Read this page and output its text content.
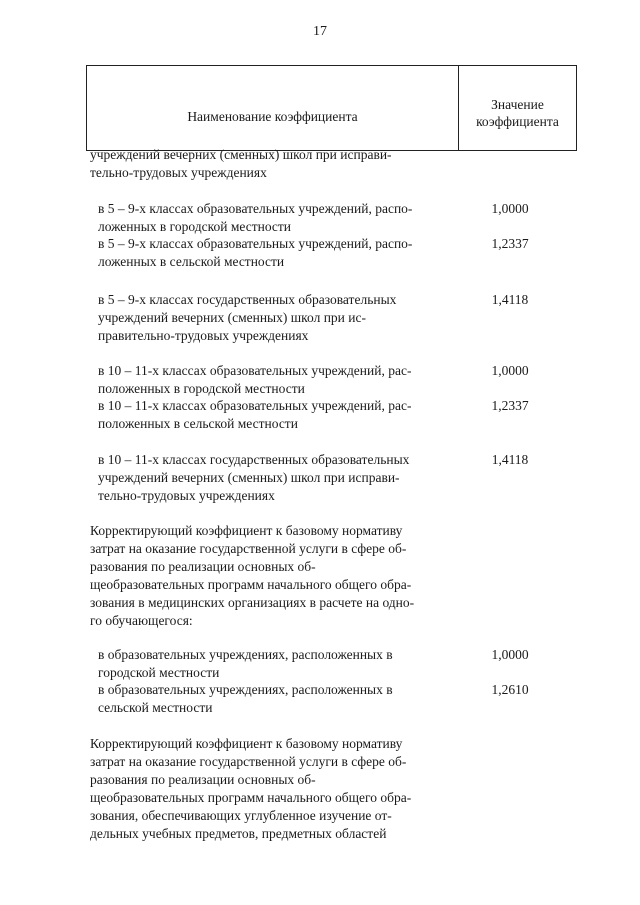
17
Наименование коэффициента
Значение
коэффициента
учреждений вечерних (сменных) школ при исправи-
тельно-трудовых учреждениях
в 5 – 9-х классах образовательных учреждений, распо-
ложенных в городской местности
1,0000
в 5 – 9-х классах образовательных учреждений, распо-
ложенных в сельской местности
1,2337
в 5 – 9-х классах государственных образовательных
учреждений вечерних (сменных) школ при ис-
правительно-трудовых учреждениях
1,4118
в 10 – 11-х классах образовательных учреждений, рас-
положенных в городской местности
1,0000
в 10 – 11-х классах образовательных учреждений, рас-
положенных в сельской местности
1,2337
в 10 – 11-х классах государственных образовательных
учреждений вечерних (сменных) школ при исправи-
тельно-трудовых учреждениях
1,4118
Корректирующий коэффициент к базовому нормативу
затрат на оказание государственной услуги в сфере об-
разования по реализации основных об-
щеобразовательных программ начального общего обра-
зования в медицинских организациях в расчете на одно-
го обучающегося:
в образовательных учреждениях, расположенных в
городской местности
1,0000
в образовательных учреждениях, расположенных в
сельской местности
1,2610
Корректирующий коэффициент к базовому нормативу
затрат на оказание государственной услуги в сфере об-
разования по реализации основных об-
щеобразовательных программ начального общего обра-
зования, обеспечивающих углубленное изучение от-
дельных учебных предметов, предметных областей
